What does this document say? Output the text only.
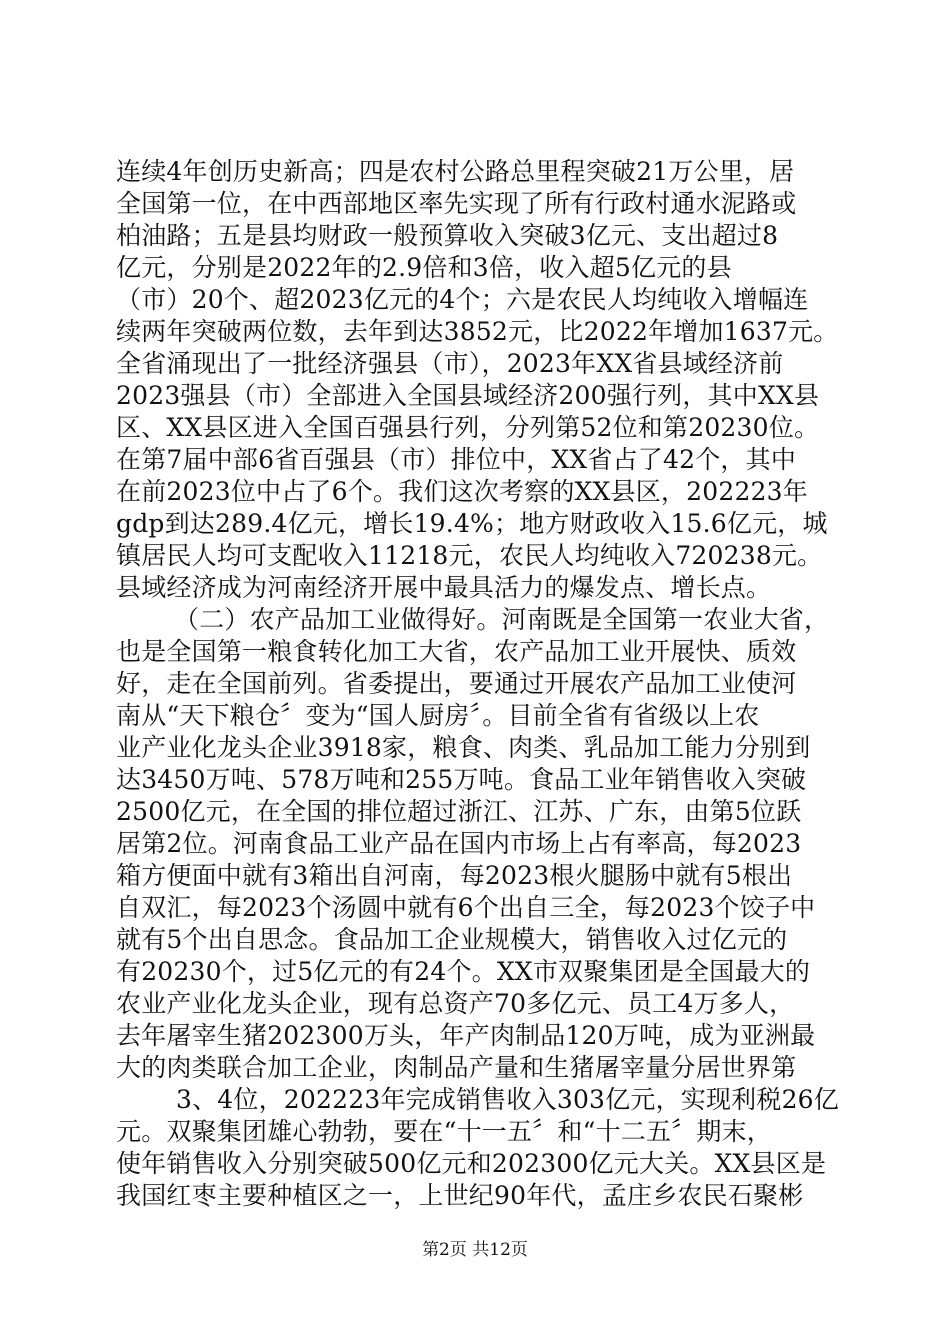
连续4年创历史新高；四是农村公路总里程突破21万公里，居
全国第一位，在中西部地区率先实现了所有行政村通水泥路或
柏油路；五是县均财政一般预算收入突破3亿元、支出超过8
亿元，分别是2022年的2.9倍和3倍，收入超5亿元的县
（市）20个、超2023亿元的4个；六是农民人均纯收入增幅连
续两年突破两位数，去年到达3852元，比2022年增加1637元。
全省涌现出了一批经济强县（市），2023年XX省县域经济前
2023强县（市）全部进入全国县域经济200强行列，其中XX县
区、XX县区进入全国百强县行列，分列第52位和第20230位。
在第7届中部6省百强县（市）排位中，XX省占了42个，其中
在前2023位中占了6个。我们这次考察的XX县区，202223年
gdp到达289.4亿元，增长19.4%；地方财政收入15.6亿元，城
镇居民人均可支配收入11218元，农民人均纯收入720238元。
县域经济成为河南经济开展中最具活力的爆发点、增长点。
（二）农产品加工业做得好。河南既是全国第一农业大省，
也是全国第一粮食转化加工大省，农产品加工业开展快、质效
好，走在全国前列。省委提出，要通过开展农产品加工业使河
南从“天下粮仓〞变为“国人厨房〞。目前全省有省级以上农
业产业化龙头企业3918家，粮食、肉类、乳品加工能力分别到
达3450万吨、578万吨和255万吨。食品工业年销售收入突破
2500亿元，在全国的排位超过浙江、江苏、广东，由第5位跃
居第2位。河南食品工业产品在国内市场上占有率高，每2023
箱方便面中就有3箱出自河南，每2023根火腿肠中就有5根出
自双汇，每2023个汤圆中就有6个出自三全，每2023个饺子中
就有5个出自思念。食品加工企业规模大，销售收入过亿元的
有20230个，过5亿元的有24个。XX市双聚集团是全国最大的
农业产业化龙头企业，现有总资产70多亿元、员工4万多人，
去年屠宰生猪202300万头，年产肉制品120万吨，成为亚洲最
大的肉类联合加工企业，肉制品产量和生猪屠宰量分居世界第
3、4位，202223年完成销售收入303亿元，实现利税26亿
元。双聚集团雄心勃勃，要在“十一五〞和“十二五〞期末，
使年销售收入分别突破500亿元和202300亿元大关。XX县区是
我国红枣主要种植区之一，上世纪90年代，孟庄乡农民石聚彬
第2页 共12页
